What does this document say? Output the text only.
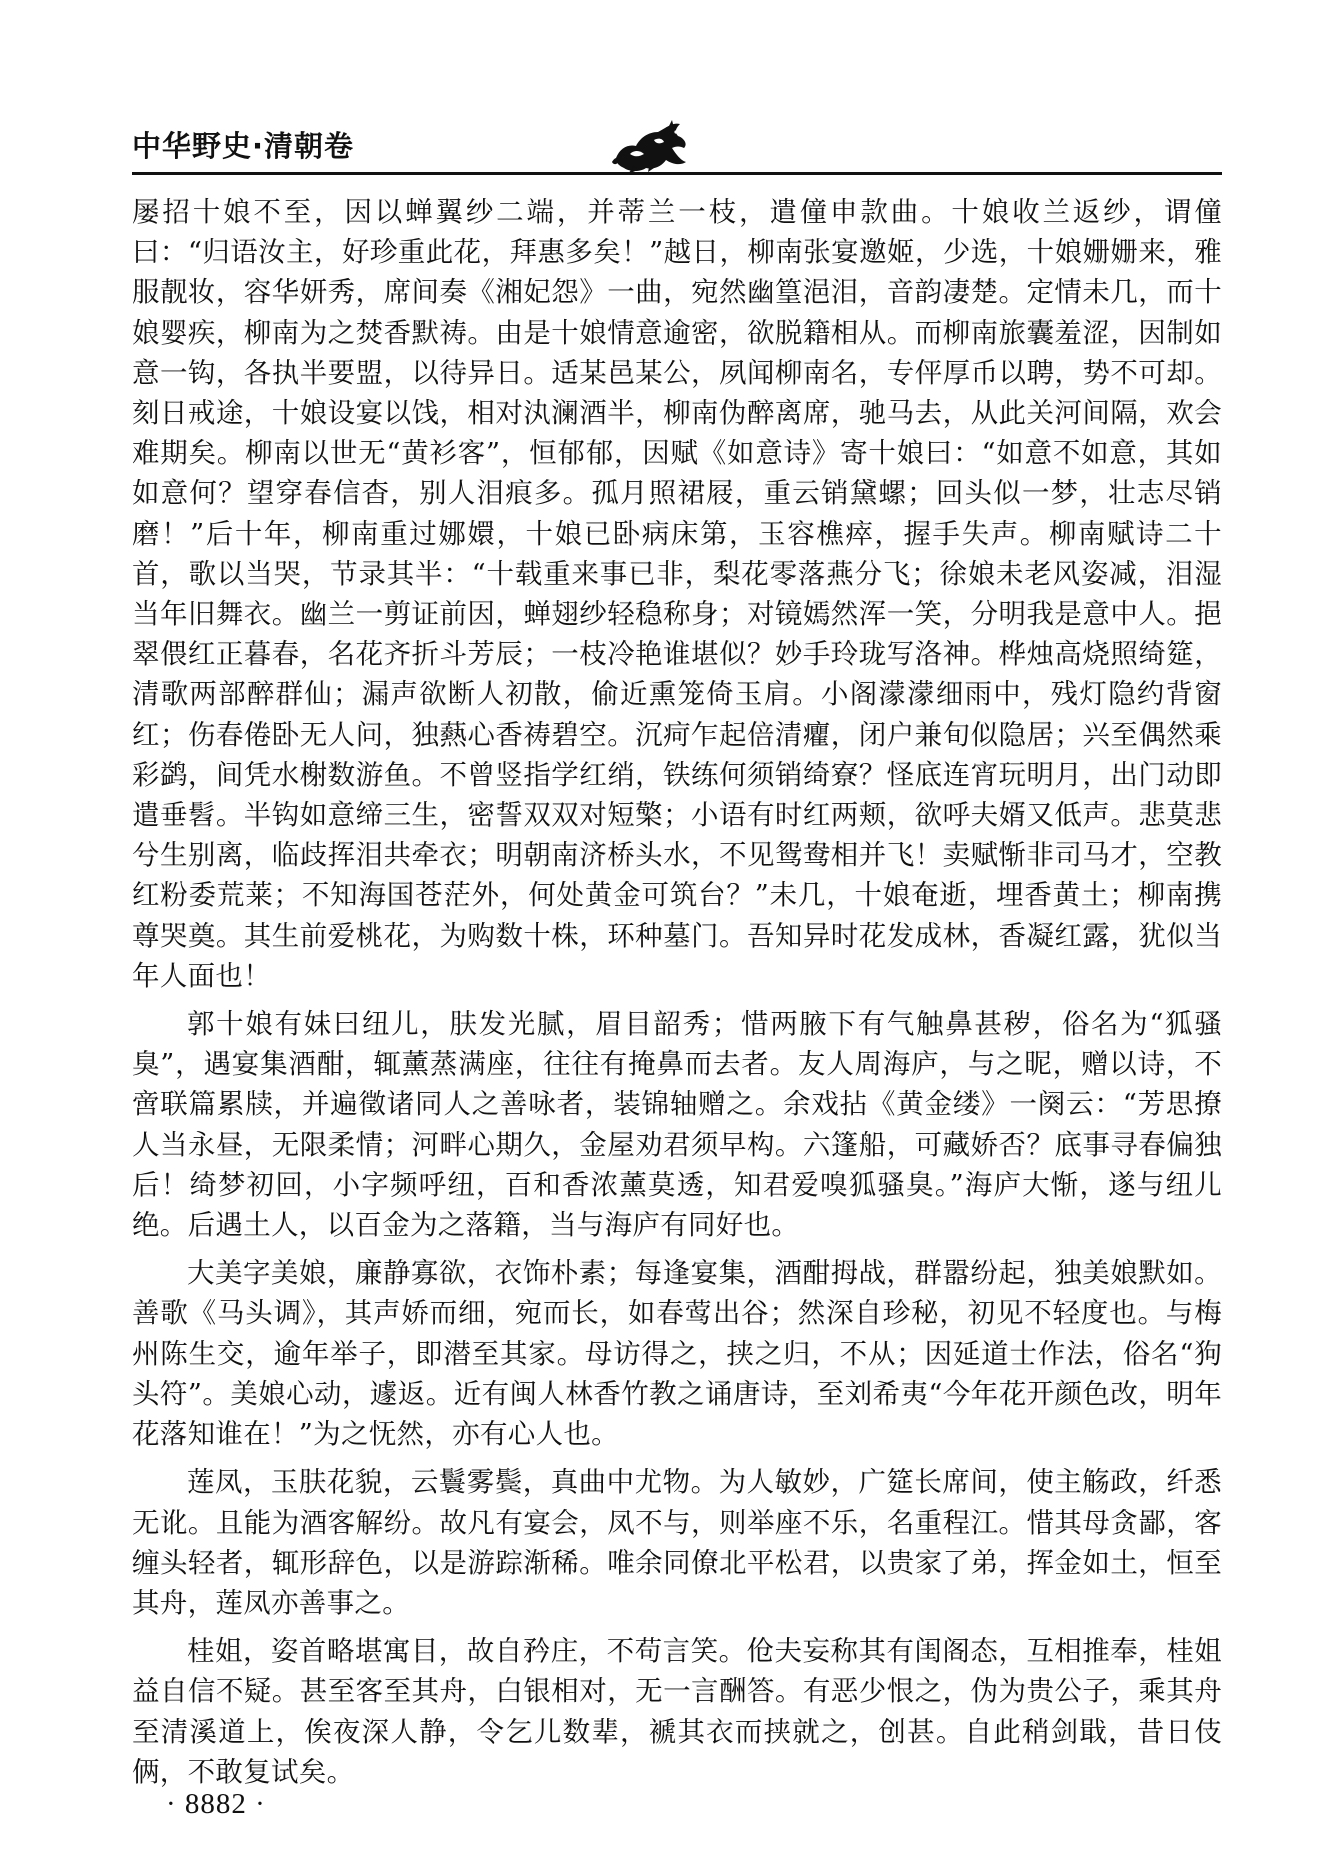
中华野史·清朝卷

屡招十娘不至，因以蝉翼纱二端，并蒂兰一枝，遣僮申款曲。十娘收兰返纱，谓僮曰：“归语汝主，好珍重此花，拜惠多矣！”越日，柳南张宴邀姬，少选，十娘姗姗来，雅服靓妆，容华妍秀，席间奏《湘妃怨》一曲，宛然幽篁浥泪，音韵凄楚。定情未几，而十娘婴疾，柳南为之焚香默祷。由是十娘情意逾密，欲脱籍相从。而柳南旅囊羞涩，因制如意一钩，各执半要盟，以待异日。适某邑某公，夙闻柳南名，专伻厚币以聘，势不可却。刻日戒途，十娘设宴以饯，相对汍澜酒半，柳南伪醉离席，驰马去，从此关河间隔，欢会难期矣。柳南以世无“黄衫客”，恒郁郁，因赋《如意诗》寄十娘曰：“如意不如意，其如如意何？望穿春信杳，别人泪痕多。孤月照裙屐，重云销黛螺；回头似一梦，壮志尽销磨！”后十年，柳南重过娜嬛，十娘已卧病床第，玉容樵瘁，握手失声。柳南赋诗二十首，歌以当哭，节录其半：“十载重来事已非，梨花零落燕分飞；徐娘未老风姿减，泪湿当年旧舞衣。幽兰一剪证前因，蝉翅纱轻稳称身；对镜嫣然浑一笑，分明我是意中人。挹翠偎红正暮春，名花齐折斗芳辰；一枝冷艳谁堪似？妙手玲珑写洛神。桦烛高烧照绮筵，清歌两部醉群仙；漏声欲断人初散，偷近熏笼倚玉肩。小阁濛濛细雨中，残灯隐约背窗红；伤春倦卧无人问，独爇心香祷碧空。沉疴乍起倍清癯，闭户兼旬似隐居；兴至偶然乘彩鹢，间凭水榭数游鱼。不曾竖指学红绡，铁练何须销绮寮？怪底连宵玩明月，出门动即遣垂髫。半钩如意缔三生，密誓双双对短檠；小语有时红两颊，欲呼夫婿又低声。悲莫悲兮生别离，临歧挥泪共牵衣；明朝南济桥头水，不见鸳鸯相并飞！卖赋惭非司马才，空教红粉委荒莱；不知海国苍茫外，何处黄金可筑台？”未几，十娘奄逝，埋香黄土；柳南携尊哭奠。其生前爱桃花，为购数十株，环种墓门。吾知异时花发成林，香凝红露，犹似当年人面也！

郭十娘有妹曰纽儿，肤发光腻，眉目韶秀；惜两腋下有气触鼻甚秽，俗名为“狐骚臭”，遇宴集酒酣，辄薰蒸满座，往往有掩鼻而去者。友人周海庐，与之昵，赠以诗，不啻联篇累牍，并遍徵诸同人之善咏者，装锦轴赠之。余戏拈《黄金缕》一阕云：“芳思撩人当永昼，无限柔情；河畔心期久，金屋劝君须早构。六篷船，可藏娇否？底事寻春偏独后！绮梦初回，小字频呼纽，百和香浓薰莫透，知君爱嗅狐骚臭。”海庐大惭，遂与纽儿绝。后遇土人，以百金为之落籍，当与海庐有同好也。

大美字美娘，廉静寡欲，衣饰朴素；每逢宴集，酒酣拇战，群嚣纷起，独美娘默如。善歌《马头调》，其声娇而细，宛而长，如春莺出谷；然深自珍秘，初见不轻度也。与梅州陈生交，逾年举子，即潜至其家。母访得之，挟之归，不从；因延道士作法，俗名“狗头符”。美娘心动，遽返。近有闽人林香竹教之诵唐诗，至刘希夷“今年花开颜色改，明年花落知谁在！”为之怃然，亦有心人也。

莲凤，玉肤花貌，云鬟雾鬓，真曲中尤物。为人敏妙，广筵长席间，使主觞政，纤悉无讹。且能为酒客解纷。故凡有宴会，凤不与，则举座不乐，名重程江。惜其母贪鄙，客缠头轻者，辄形辞色，以是游踪渐稀。唯余同僚北平松君，以贵家了弟，挥金如土，恒至其舟，莲凤亦善事之。

桂姐，姿首略堪寓目，故自矜庄，不苟言笑。伧夫妄称其有闺阁态，互相推奉，桂姐益自信不疑。甚至客至其舟，白银相对，无一言酬答。有恶少恨之，伪为贵公子，乘其舟至清溪道上，俟夜深人静，令乞儿数辈，褫其衣而挟就之，创甚。自此稍剑戢，昔日伎俩，不敢复试矣。

· 8882 ·
